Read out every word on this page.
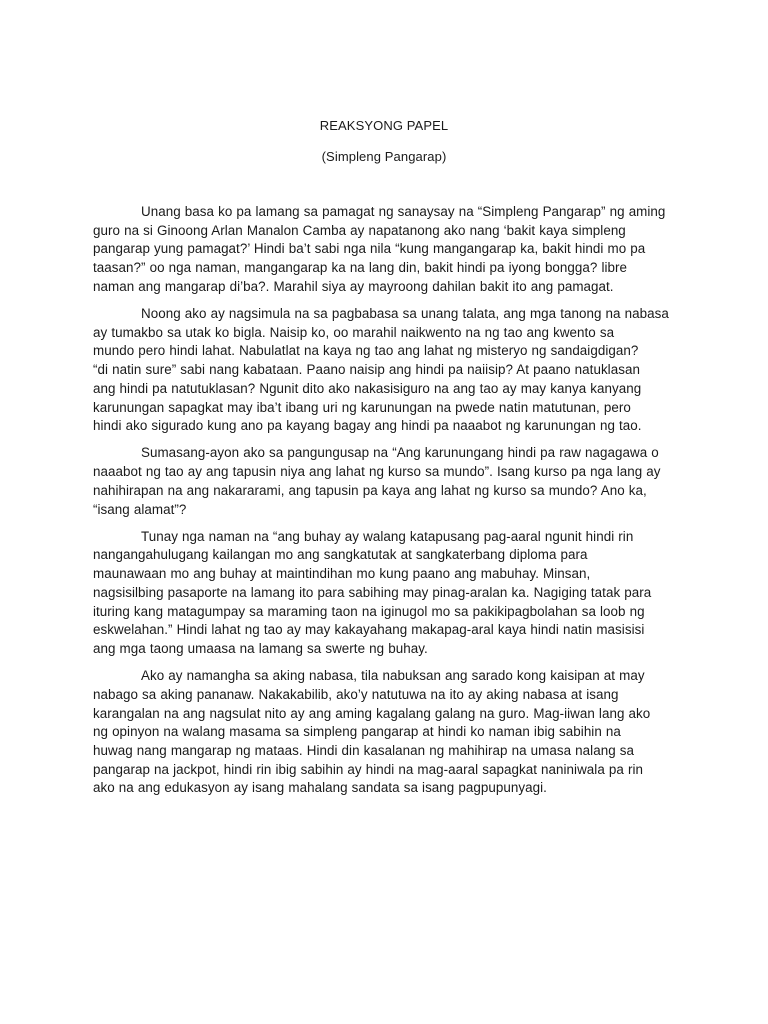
REAKSYONG PAPEL
(Simpleng Pangarap)

Unang basa ko pa lamang sa pamagat ng sanaysay na “Simpleng Pangarap” ng aming
guro na si Ginoong Arlan Manalon Camba ay napatanong ako nang ‘bakit kaya simpleng
pangarap yung pamagat?’ Hindi ba’t sabi nga nila “kung mangangarap ka, bakit hindi mo pa
taasan?” oo nga naman, mangangarap ka na lang din, bakit hindi pa iyong bongga? libre
naman ang mangarap di’ba?. Marahil siya ay mayroong dahilan bakit ito ang pamagat.

Noong ako ay nagsimula na sa pagbabasa sa unang talata, ang mga tanong na nabasa
ay tumakbo sa utak ko bigla. Naisip ko, oo marahil naikwento na ng tao ang kwento sa
mundo pero hindi lahat. Nabulatlat na kaya ng tao ang lahat ng misteryo ng sandaigdigan?
“di natin sure” sabi nang kabataan. Paano naisip ang hindi pa naiisip? At paano natuklasan
ang hindi pa natutuklasan? Ngunit dito ako nakasisiguro na ang tao ay may kanya kanyang
karunungan sapagkat may iba’t ibang uri ng karunungan na pwede natin matutunan, pero
hindi ako sigurado kung ano pa kayang bagay ang hindi pa naaabot ng karunungan ng tao.

Sumasang-ayon ako sa pangungusap na “Ang karunungang hindi pa raw nagagawa o
naaabot ng tao ay ang tapusin niya ang lahat ng kurso sa mundo”. Isang kurso pa nga lang ay
nahihirapan na ang nakararami, ang tapusin pa kaya ang lahat ng kurso sa mundo? Ano ka,
“isang alamat”?

Tunay nga naman na “ang buhay ay walang katapusang pag-aaral ngunit hindi rin
nangangahulugang kailangan mo ang sangkatutak at sangkaterbang diploma para
maunawaan mo ang buhay at maintindihan mo kung paano ang mabuhay. Minsan,
nagsisilbing pasaporte na lamang ito para sabihing may pinag-aralan ka. Nagiging tatak para
ituring kang matagumpay sa maraming taon na iginugol mo sa pakikipagbolahan sa loob ng
eskwelahan.” Hindi lahat ng tao ay may kakayahang makapag-aral kaya hindi natin masisisi
ang mga taong umaasa na lamang sa swerte ng buhay.

Ako ay namangha sa aking nabasa, tila nabuksan ang sarado kong kaisipan at may
nabago sa aking pananaw. Nakakabilib, ako’y natutuwa na ito ay aking nabasa at isang
karangalan na ang nagsulat nito ay ang aming kagalang galang na guro. Mag-iiwan lang ako
ng opinyon na walang masama sa simpleng pangarap at hindi ko naman ibig sabihin na
huwag nang mangarap ng mataas. Hindi din kasalanan ng mahihirap na umasa nalang sa
pangarap na jackpot, hindi rin ibig sabihin ay hindi na mag-aaral sapagkat naniniwala pa rin
ako na ang edukasyon ay isang mahalang sandata sa isang pagpupunyagi.
